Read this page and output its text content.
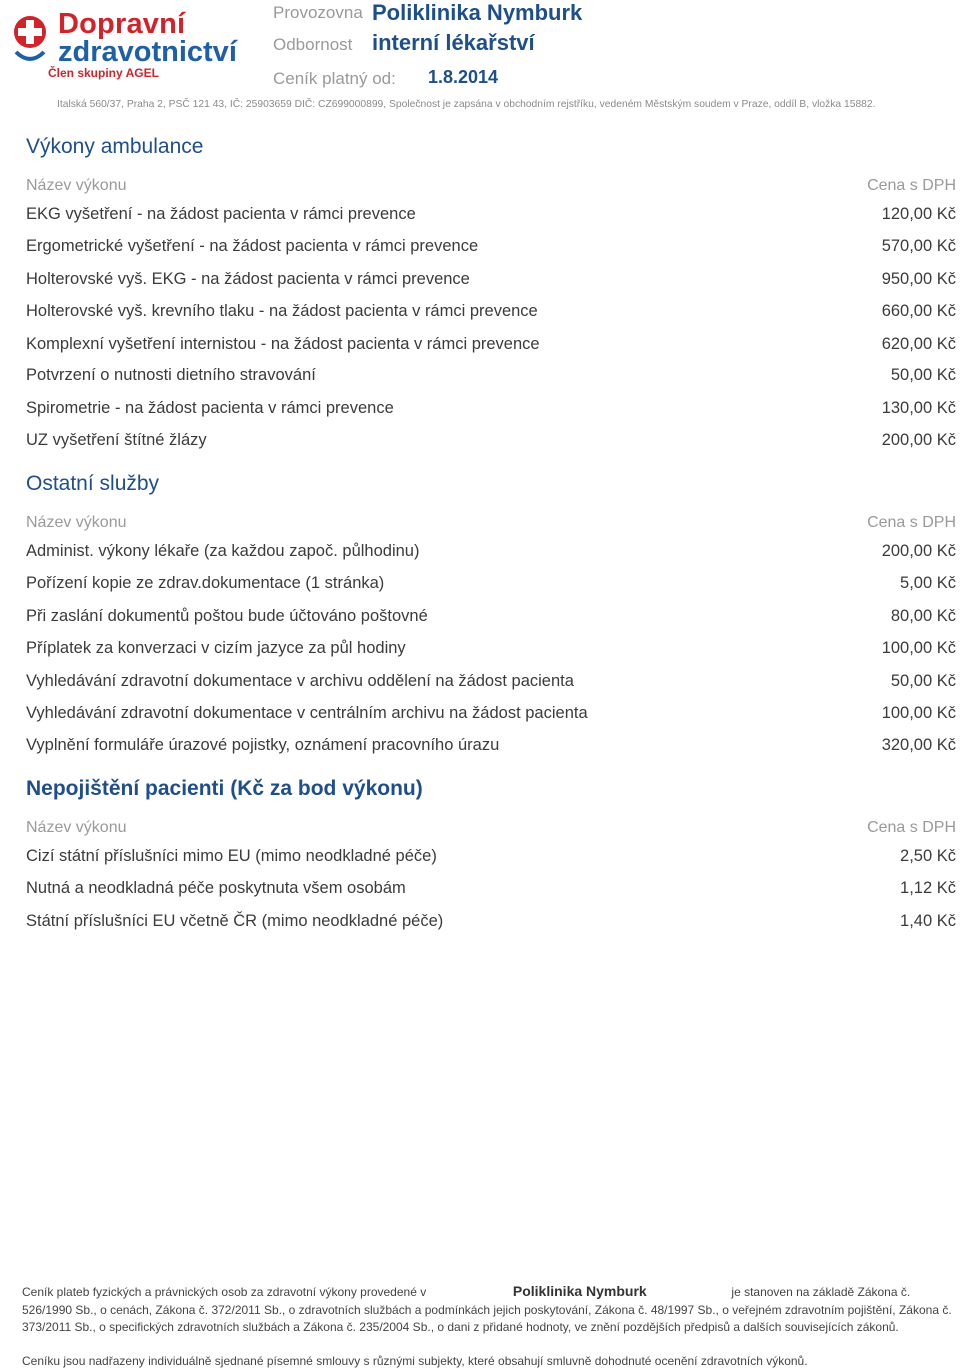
Dopravní
zdravotnictví
Člen skupiny AGEL
Provozovna Poliklinika Nymburk
Odbornost interní lékařství
Ceník platný od: 1.8.2014
Italská 560/37, Praha 2, PSČ 121 43, IČ: 25903659 DIČ: CZ699000899, Společnost je zapsána v obchodním rejstříku, vedeném Městským soudem v Praze, oddíl B, vložka 15882.
Výkony ambulance
Název výkonu	Cena s DPH
EKG vyšetření - na žádost pacienta v rámci prevence	120,00 Kč
Ergometrické vyšetření - na žádost pacienta v rámci prevence	570,00 Kč
Holterovské vyš. EKG - na žádost pacienta v rámci prevence	950,00 Kč
Holterovské vyš. krevního tlaku - na žádost pacienta v rámci prevence	660,00 Kč
Komplexní vyšetření internistou - na žádost pacienta v rámci prevence	620,00 Kč
Potvrzení o nutnosti dietního stravování	50,00 Kč
Spirometrie - na žádost pacienta v rámci prevence	130,00 Kč
UZ vyšetření štítné žlázy	200,00 Kč
Ostatní služby
Název výkonu	Cena s DPH
Administ. výkony lékaře (za každou započ. půlhodinu)	200,00 Kč
Pořízení kopie ze zdrav.dokumentace (1 stránka)	5,00 Kč
Při zaslání dokumentů poštou bude účtováno poštovné	80,00 Kč
Příplatek za konverzaci v cizím jazyce za půl hodiny	100,00 Kč
Vyhledávání zdravotní dokumentace v archivu oddělení na žádost pacienta	50,00 Kč
Vyhledávání zdravotní dokumentace v centrálním archivu na žádost pacienta	100,00 Kč
Vyplnění formuláře úrazové pojistky, oznámení pracovního úrazu	320,00 Kč
Nepojištění pacienti (Kč za bod výkonu)
Název výkonu	Cena s DPH
Cizí státní příslušníci mimo EU (mimo neodkladné péče)	2,50 Kč
Nutná a neodkladná péče poskytnuta všem osobám	1,12 Kč
Státní příslušníci EU včetně ČR (mimo neodkladné péče)	1,40 Kč
Ceník plateb fyzických a právnických osob za zdravotní výkony provedené v	Poliklinika Nymburk	je stanoven na základě Zákona č.
526/1990 Sb., o cenách, Zákona č. 372/2011 Sb., o zdravotních službách a podmínkách jejich poskytování, Zákona č. 48/1997 Sb., o veřejném zdravotním pojištění, Zákona č. 373/2011 Sb., o specifických zdravotních službách a Zákona č. 235/2004 Sb., o dani z přidané hodnoty, ve znění pozdějších předpisů a dalších souvisejících zákonů.
Ceníku jsou nadřazeny individuálně sjednané písemné smlouvy s různými subjekty, které obsahují smluvně dohodnuté ocenění zdravotních výkonů.
